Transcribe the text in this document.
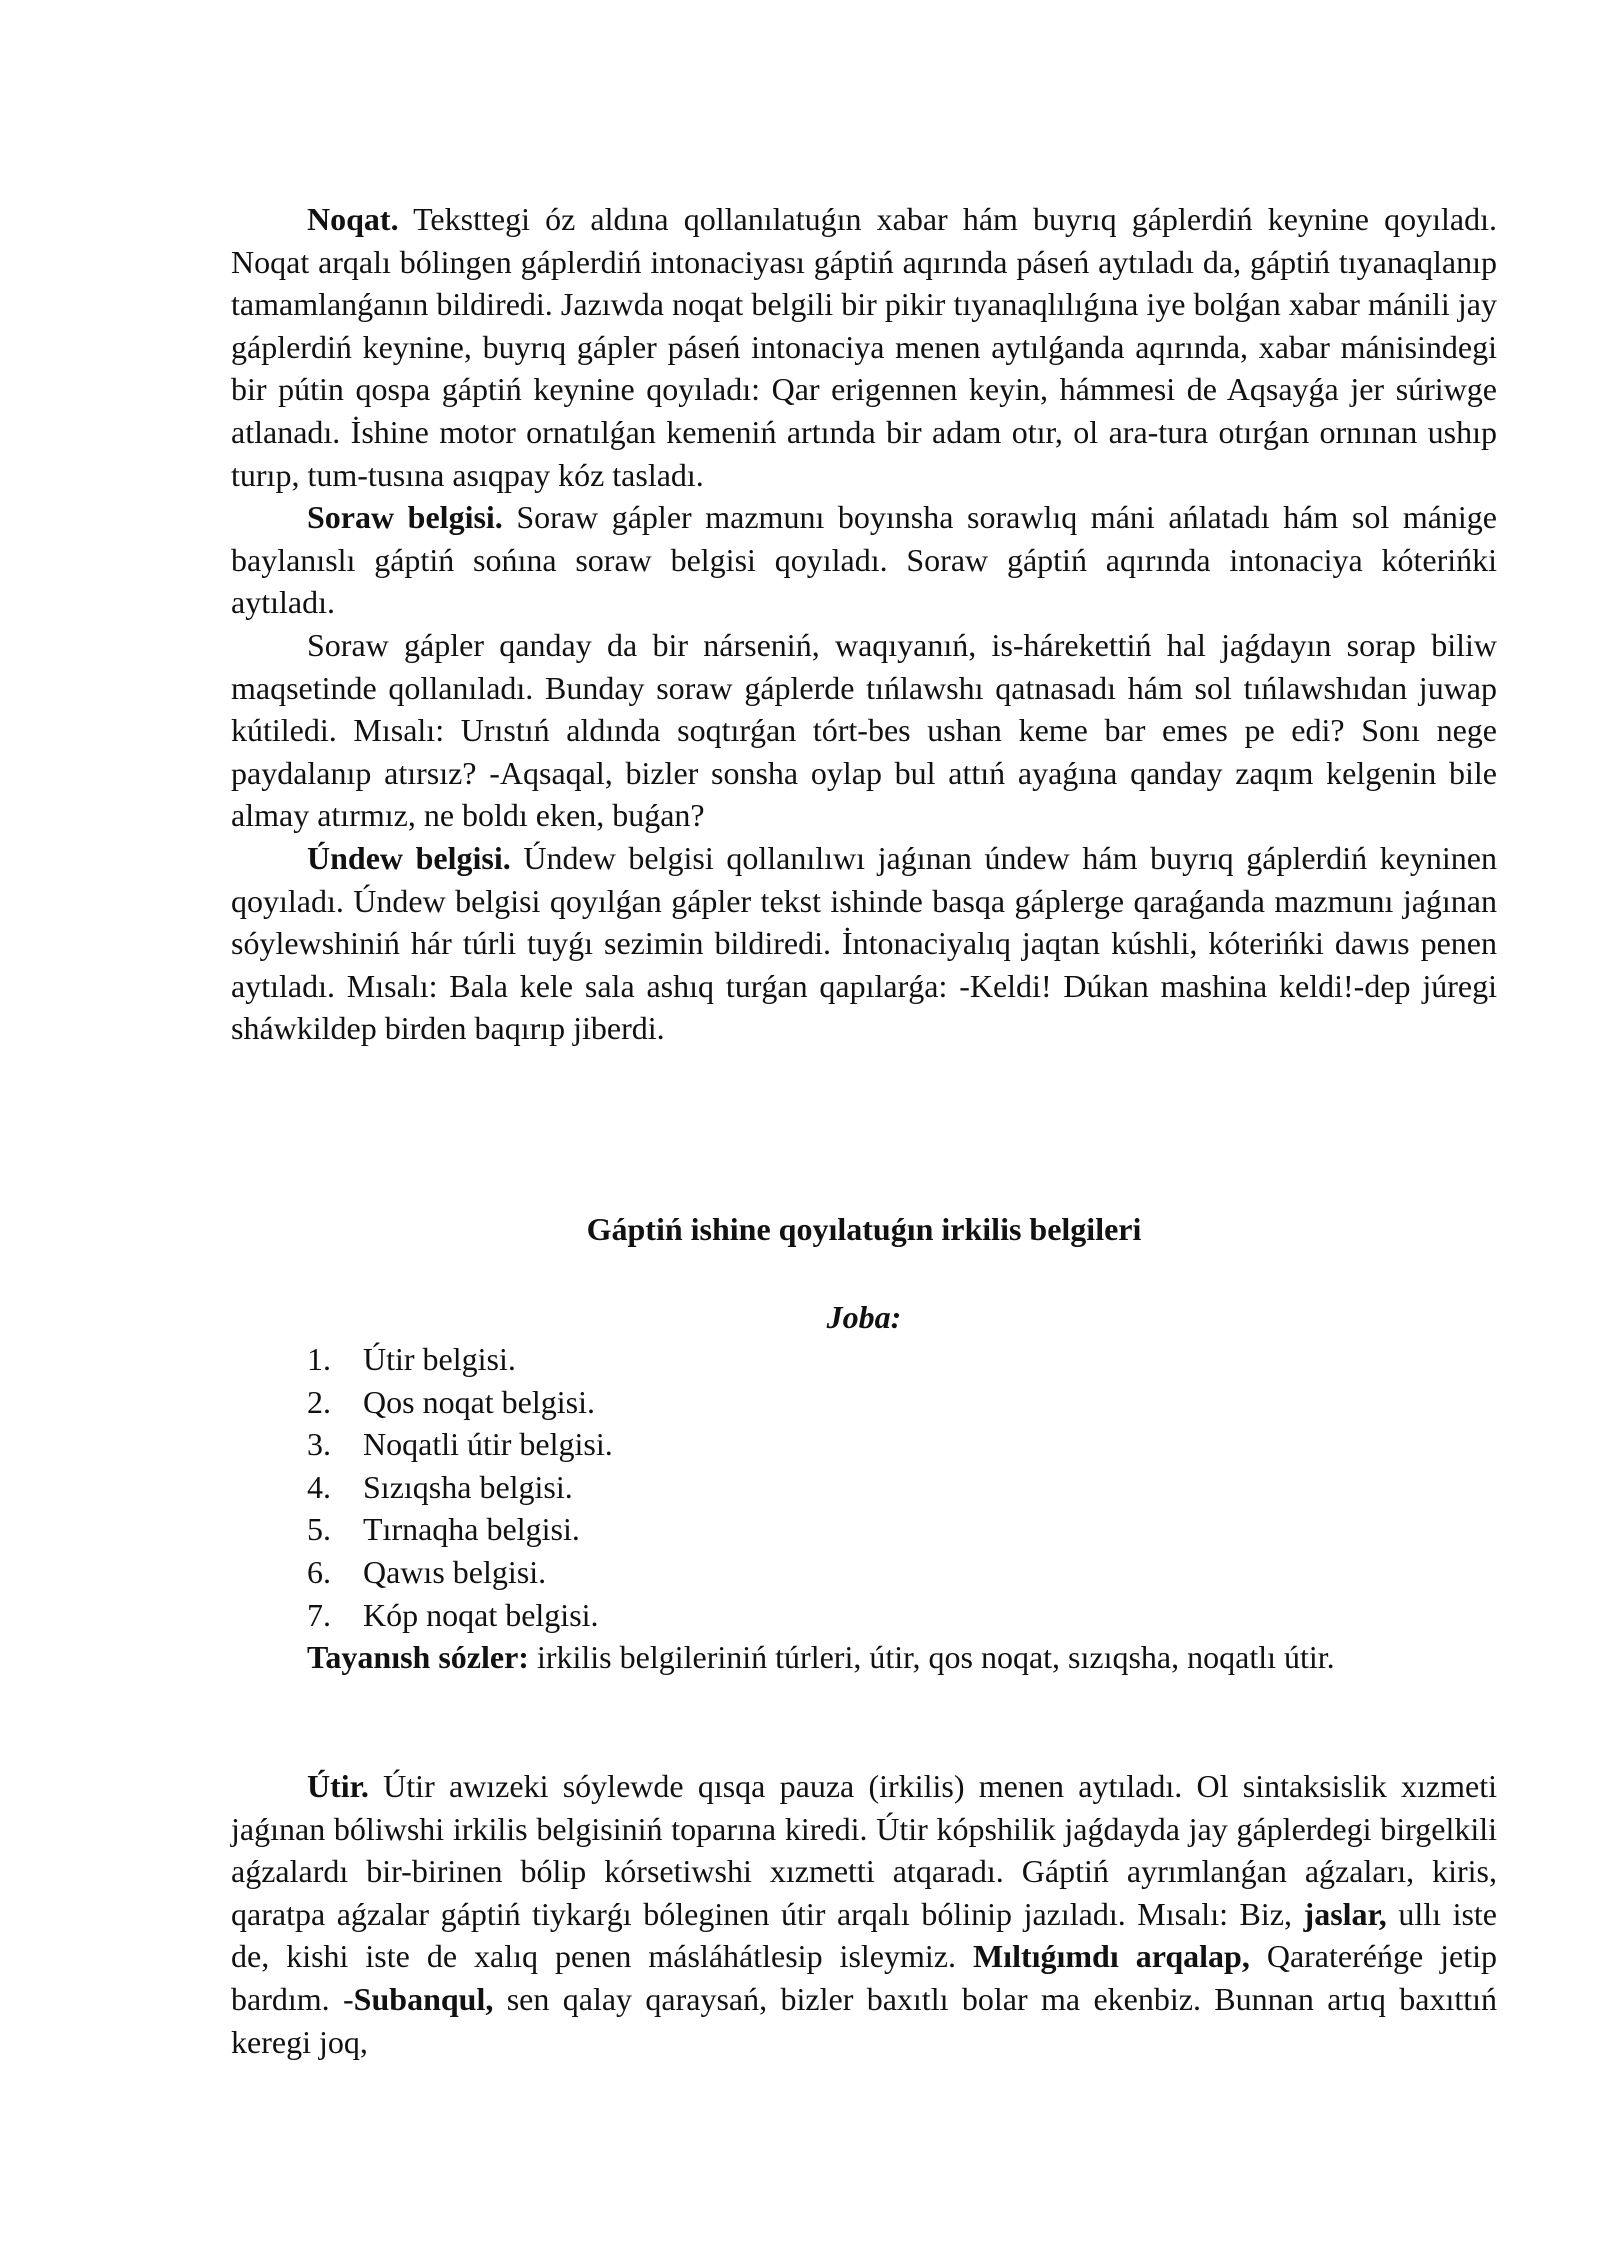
Noqat. Teksttegi óz aldına qollanılatuǵın xabar hám buyrıq gáplerdiń keynine qoyıladı. Noqat arqalı bólingen gáplerdiń intonaciyası gáptiń aqırında páseń aytıladı da, gáptiń tıyanaqlanıp tamamlanǵanın bildiredi. Jazıwda noqat belgili bir pikir tıyanaqlılıǵına iye bolǵan xabar mánili jay gáplerdiń keynine, buyrıq gápler páseń intonaciya menen aytılǵanda aqırında, xabar mánisindegi bir pútin qospa gáptiń keynine qoyıladı: Qar erigennen keyin, hámmesi de Aqsayǵa jer súriwge atlanadı. İshine motor ornatılǵan kemeniń artında bir adam otır, ol ara-tura otırǵan ornınan ushıp turıp, tum-tusına asıqpay kóz tasladı.

Soraw belgisi. Soraw gápler mazmunı boyınsha sorawlıq máni ańlatadı hám sol mánige baylanıslı gáptiń sońına soraw belgisi qoyıladı. Soraw gáptiń aqırında intonaciya kóterińki aytıladı.

Soraw gápler qanday da bir nárseniń, waqıyanıń, is-hárekettiń hal jaǵdayın sorap biliw maqsetinde qollanıladı. Bunday soraw gáplerde tıńlawshı qatnasadı hám sol tıńlawshıdan juwap kútiledi. Mısalı: Urıstıń aldında soqtırǵan tórt-bes ushan keme bar emes pe edi? Sonı nege paydalanıp atırsız? -Aqsaqal, bizler sonsha oylap bul attıń ayaǵına qanday zaqım kelgenin bile almay atırmız, ne boldı eken, buǵan?

Úndew belgisi. Úndew belgisi qollanılıwı jaǵınan úndew hám buyrıq gáplerdiń keyninen qoyıladı. Úndew belgisi qoyılǵan gápler tekst ishinde basqa gáplerge qaraǵanda mazmunı jaǵınan sóylewshiniń hár túrli tuyǵı sezimin bildiredi. İntonaciyalıq jaqtan kúshli, kóterińki dawıs penen aytıladı. Mısalı: Bala kele sala ashıq turǵan qapılarǵa: -Keldi! Dúkan mashina keldi!-dep júregi sháwkildep birden baqırıp jiberdi.

Gáptiń ishine qoyılatuǵın irkilis belgileri
Joba:
1.	Útir belgisi.
2.	Qos noqat belgisi.
3.	Noqatli útir belgisi.
4.	Sızıqsha belgisi.
5.	Tırnaqha belgisi.
6.	Qawıs belgisi.
7.	Kóp noqat belgisi.

Tayanısh sózler: irkilis belgileriniń túrleri, útir, qos noqat, sızıqsha, noqatlı útir.

Útir. Útir awızeki sóylewde qısqa pauza (irkilis) menen aytıladı. Ol sintaksislik xızmeti jaǵınan bóliwshi irkilis belgisiniń toparına kiredi. Útir kópshilik jaǵdayda jay gáplerdegi birgelkili aǵzalardı bir-birinen bólip kórsetiwshi xızmetti atqaradı. Gáptiń ayrımlanǵan aǵzaları, kiris, qaratpa aǵzalar gáptiń tiykarǵı bóleginen útir arqalı bólinip jazıladı. Mısalı: Biz, jaslar, ullı iste de, kishi iste de xalıq penen másláhátlesip isleymiz. Mıltıǵımdı arqalap, Qarateréńge jetip bardım. -Subanqul, sen qalay qaraysań, bizler baxıtlı bolar ma ekenbiz. Bunnan artıq baxıttıń keregi joq,
